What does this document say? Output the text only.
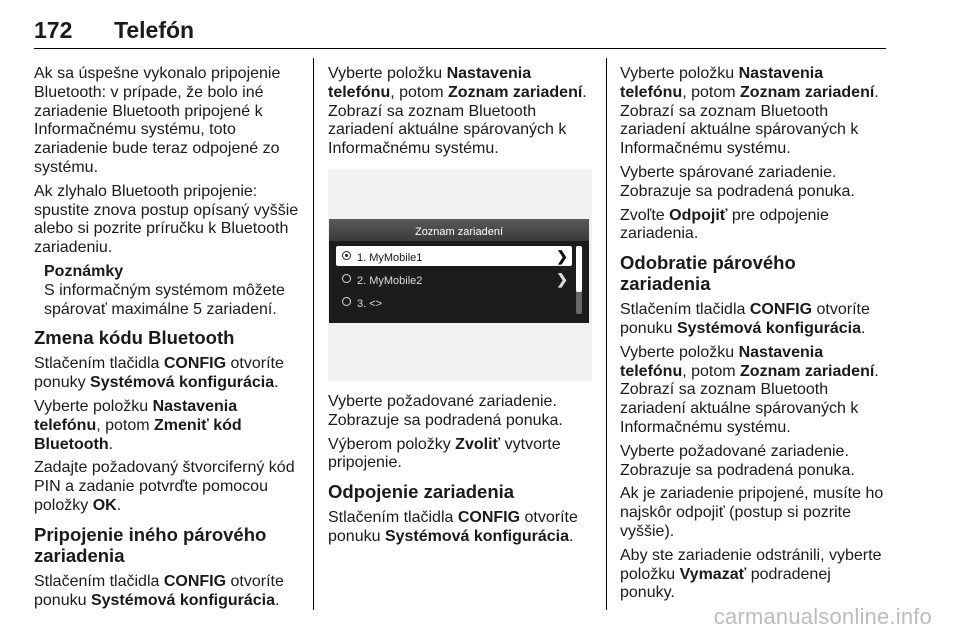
172 Telefón

Ak sa úspešne vykonalo pripojenie Bluetooth: v prípade, že bolo iné zariadenie Bluetooth pripojené k Informačnému systému, toto zariadenie bude teraz odpojené zo systému.

Ak zlyhalo Bluetooth pripojenie: spustite znova postup opísaný vyššie alebo si pozrite príručku k Bluetooth zariadeniu.

Poznámky
S informačným systémom môžete spárovať maximálne 5 zariadení.
Zmena kódu Bluetooth

Stlačením tlačidla CONFIG otvoríte ponuky Systémová konfigurácia.

Vyberte položku Nastavenia telefónu, potom Zmeniť kód Bluetooth.

Zadajte požadovaný štvorciferný kód PIN a zadanie potvrďte pomocou položky OK.

Pripojenie iného párového zariadenia

Stlačením tlačidla CONFIG otvoríte ponuku Systémová konfigurácia.

Vyberte položku Nastavenia telefónu, potom Zoznam zariadení. Zobrazí sa zoznam Bluetooth zariadení aktuálne spárovaných k Informačnému systému.

Zoznam zariadení
1. MyMobile1	❯
2. MyMobile2	❯
3. <>

Vyberte požadované zariadenie. Zobrazuje sa podradená ponuka.

Výberom položky Zvoliť vytvorte pripojenie.

Odpojenie zariadenia

Stlačením tlačidla CONFIG otvoríte ponuku Systémová konfigurácia.

Vyberte položku Nastavenia telefónu, potom Zoznam zariadení. Zobrazí sa zoznam Bluetooth zariadení aktuálne spárovaných k Informačnému systému.

Vyberte spárované zariadenie. Zobrazuje sa podradená ponuka.

Zvoľte Odpojiť pre odpojenie zariadenia.

Odobratie párového zariadenia

Stlačením tlačidla CONFIG otvoríte ponuku Systémová konfigurácia.

Vyberte položku Nastavenia telefónu, potom Zoznam zariadení. Zobrazí sa zoznam Bluetooth zariadení aktuálne spárovaných k Informačnému systému.

Vyberte požadované zariadenie. Zobrazuje sa podradená ponuka.

Ak je zariadenie pripojené, musíte ho najskôr odpojiť (postup si pozrite vyššie).

Aby ste zariadenie odstránili, vyberte položku Vymazať podradenej ponuky.

carmanualsonline.info
